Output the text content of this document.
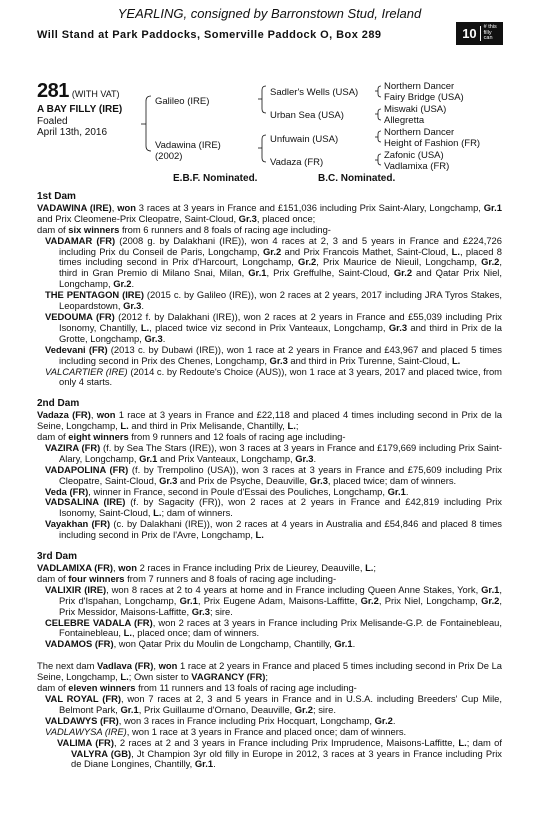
YEARLING, consigned by Barronstown Stud, Ireland
Will Stand at Park Paddocks, Somerville Paddock O, Box 289	10 # this
filly
can
281 (WITH VAT)
A BAY FILLY (IRE)
Foaled
April 13th, 2016
Galileo (IRE)
Vadawina (IRE)
(2002)
Sadler's Wells (USA)
Urban Sea (USA)
Unfuwain (USA)
Vadaza (FR)
Northern Dancer
Fairy Bridge (USA)
Miswaki (USA)
Allegretta
Northern Dancer
Height of Fashion (FR)
Zafonic (USA)
Vadlamixa (FR)
E.B.F. Nominated.	B.C. Nominated.

1st Dam

VADAWINA (IRE), won 3 races at 3 years in France and £151,036 including Prix Saint-Alary, Longchamp, Gr.1 and Prix Cleomene-Prix Cleopatre, Saint-Cloud, Gr.3, placed once;

dam of six winners from 6 runners and 8 foals of racing age including-

VADAMAR (FR) (2008 g. by Dalakhani (IRE)), won 4 races at 2, 3 and 5 years in France and £224,726 including Prix du Conseil de Paris, Longchamp, Gr.2 and Prix Francois Mathet, Saint-Cloud, L., placed 8 times including second in Prix d'Harcourt, Longchamp, Gr.2, Prix Maurice de Nieuil, Longchamp, Gr.2, third in Gran Premio di Milano Snai, Milan, Gr.1, Prix Greffulhe, Saint-Cloud, Gr.2 and Qatar Prix Niel, Longchamp, Gr.2.

THE PENTAGON (IRE) (2015 c. by Galileo (IRE)), won 2 races at 2 years, 2017 including JRA Tyros Stakes, Leopardstown, Gr.3.

VEDOUMA (FR) (2012 f. by Dalakhani (IRE)), won 2 races at 2 years in France and £55,039 including Prix Isonomy, Chantilly, L., placed twice viz second in Prix Vanteaux, Longchamp, Gr.3 and third in Prix de la Grotte, Longchamp, Gr.3.

Vedevani (FR) (2013 c. by Dubawi (IRE)), won 1 race at 2 years in France and £43,967 and placed 5 times including second in Prix des Chenes, Longchamp, Gr.3 and third in Prix Turenne, Saint-Cloud, L.

VALCARTIER (IRE) (2014 c. by Redoute's Choice (AUS)), won 1 race at 3 years, 2017 and placed twice, from only 4 starts.

2nd Dam

Vadaza (FR), won 1 race at 3 years in France and £22,118 and placed 4 times including second in Prix de la Seine, Longchamp, L. and third in Prix Melisande, Chantilly, L.;

dam of eight winners from 9 runners and 12 foals of racing age including-

VAZIRA (FR) (f. by Sea The Stars (IRE)), won 3 races at 3 years in France and £179,669 including Prix Saint-Alary, Longchamp, Gr.1 and Prix Vanteaux, Longchamp, Gr.3.

VADAPOLINA (FR) (f. by Trempolino (USA)), won 3 races at 3 years in France and £75,609 including Prix Cleopatre, Saint-Cloud, Gr.3 and Prix de Psyche, Deauville, Gr.3, placed twice; dam of winners.

Veda (FR), winner in France, second in Poule d'Essai des Pouliches, Longchamp, Gr.1.

VADSALINA (IRE) (f. by Sagacity (FR)), won 2 races at 2 years in France and £42,819 including Prix Isonomy, Saint-Cloud, L.; dam of winners.

Vayakhan (FR) (c. by Dalakhani (IRE)), won 2 races at 4 years in Australia and £54,846 and placed 8 times including second in Prix de l'Avre, Longchamp, L.

3rd Dam

VADLAMIXA (FR), won 2 races in France including Prix de Lieurey, Deauville, L.;

dam of four winners from 7 runners and 8 foals of racing age including-

VALIXIR (IRE), won 8 races at 2 to 4 years at home and in France including Queen Anne Stakes, York, Gr.1, Prix d'Ispahan, Longchamp, Gr.1, Prix Eugene Adam, Maisons-Laffitte, Gr.2, Prix Niel, Longchamp, Gr.2, Prix Messidor, Maisons-Laffitte, Gr.3; sire.

CELEBRE VADALA (FR), won 2 races at 3 years in France including Prix Melisande-G.P. de Fontainebleau, Fontainebleau, L., placed once; dam of winners.

VADAMOS (FR), won Qatar Prix du Moulin de Longchamp, Chantilly, Gr.1.

The next dam Vadlava (FR), won 1 race at 2 years in France and placed 5 times including second in Prix De La Seine, Longchamp, L.; Own sister to VAGRANCY (FR);

dam of eleven winners from 11 runners and 13 foals of racing age including-

VAL ROYAL (FR), won 7 races at 2, 3 and 5 years in France and in U.S.A. including Breeders' Cup Mile, Belmont Park, Gr.1, Prix Guillaume d'Ornano, Deauville, Gr.2; sire.

VALDAWYS (FR), won 3 races in France including Prix Hocquart, Longchamp, Gr.2.

VADLAWYSA (IRE), won 1 race at 3 years in France and placed once; dam of winners.

VALIMA (FR), 2 races at 2 and 3 years in France including Prix Imprudence, Maisons-Laffitte, L.; dam of VALYRA (GB), Jt Champion 3yr old filly in Europe in 2012, 3 races at 3 years in France including Prix de Diane Longines, Chantilly, Gr.1.
